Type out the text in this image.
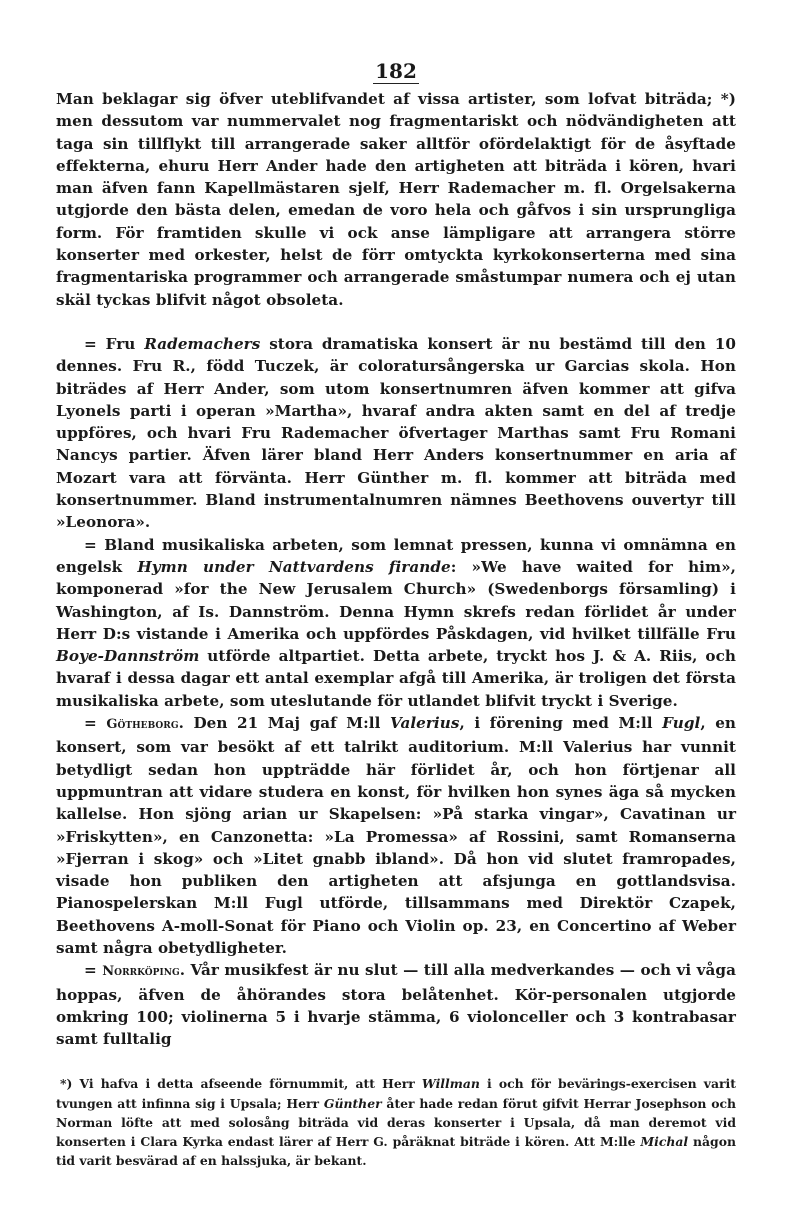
182

Man beklagar sig öfver uteblifvandet af vissa artister, som lofvat biträda; *) men dessutom var nummervalet nog fragmentariskt och nödvändigheten att taga sin tillflykt till arrangerade saker alltför ofördelaktigt för de åsyftade effekterna, ehuru Herr Ander hade den artigheten att biträda i kören, hvari man äfven fann Kapellmästaren sjelf, Herr Rademacher m. fl. Orgelsakerna utgjorde den bästa delen, emedan de voro hela och gåfvos i sin ursprungliga form. För framtiden skulle vi ock anse lämpligare att arrangera större konserter med orkester, helst de förr omtyckta kyrkokonserterna med sina fragmentariska programmer och arrangerade småstumpar numera och ej utan skäl tyckas blifvit något obsoleta.

= Fru Rademachers stora dramatiska konsert är nu bestämd till den 10 dennes. Fru R., född Tuczek, är coloratursångerska ur Garcias skola. Hon biträdes af Herr Ander, som utom konsertnumren äfven kommer att gifva Lyonels parti i operan »Martha», hvaraf andra akten samt en del af tredje uppföres, och hvari Fru Rademacher öfvertager Marthas samt Fru Romani Nancys partier. Äfven lärer bland Herr Anders konsertnummer en aria af Mozart vara att förvänta. Herr Günther m. fl. kommer att biträda med konsertnummer. Bland instrumentalnumren nämnes Beethovens ouvertyr till »Leonora».

= Bland musikaliska arbeten, som lemnat pressen, kunna vi omnämna en engelsk Hymn under Nattvardens firande: »We have waited for him», komponerad »for the New Jerusalem Church» (Swedenborgs församling) i Washington, af Is. Dannström. Denna Hymn skrefs redan förlidet år under Herr D:s vistande i Amerika och uppfördes Påskdagen, vid hvilket tillfälle Fru Boye-Dannström utförde altpartiet. Detta arbete, tryckt hos J. & A. Riis, och hvaraf i dessa dagar ett antal exemplar afgå till Amerika, är troligen det första musikaliska arbete, som uteslutande för utlandet blifvit tryckt i Sverige.

= Götheborg. Den 21 Maj gaf M:ll Valerius, i förening med M:ll Fugl, en konsert, som var besökt af ett talrikt auditorium. M:ll Valerius har vunnit betydligt sedan hon uppträdde här förlidet år, och hon förtjenar all uppmuntran att vidare studera en konst, för hvilken hon synes äga så mycken kallelse. Hon sjöng arian ur Skapelsen: »På starka vingar», Cavatinan ur »Friskytten», en Canzonetta: »La Promessa» af Rossini, samt Romanserna »Fjerran i skog» och »Litet gnabb ibland». Då hon vid slutet framropades, visade hon publiken den artigheten att afsjunga en gottlandsvisa. Pianospelerskan M:ll Fugl utförde, tillsammans med Direktör Czapek, Beethovens A-moll-Sonat för Piano och Violin op. 23, en Concertino af Weber samt några obetydligheter.

= Norrköping. Vår musikfest är nu slut — till alla medverkandes — och vi våga hoppas, äfven de åhörandes stora belåtenhet. Kör-personalen utgjorde omkring 100; violinerna 5 i hvarje stämma, 6 violonceller och 3 kontrabasar samt fulltalig

*) Vi hafva i detta afseende förnummit, att Herr Willman i och för bevärings-exercisen varit tvungen att infinna sig i Upsala; Herr Günther åter hade redan förut gifvit Herrar Josephson och Norman löfte att med solosång biträda vid deras konserter i Upsala, då man deremot vid konserten i Clara Kyrka endast lärer af Herr G. påräknat biträde i kören. Att M:lle Michal någon tid varit besvärad af en halssjuka, är bekant.
